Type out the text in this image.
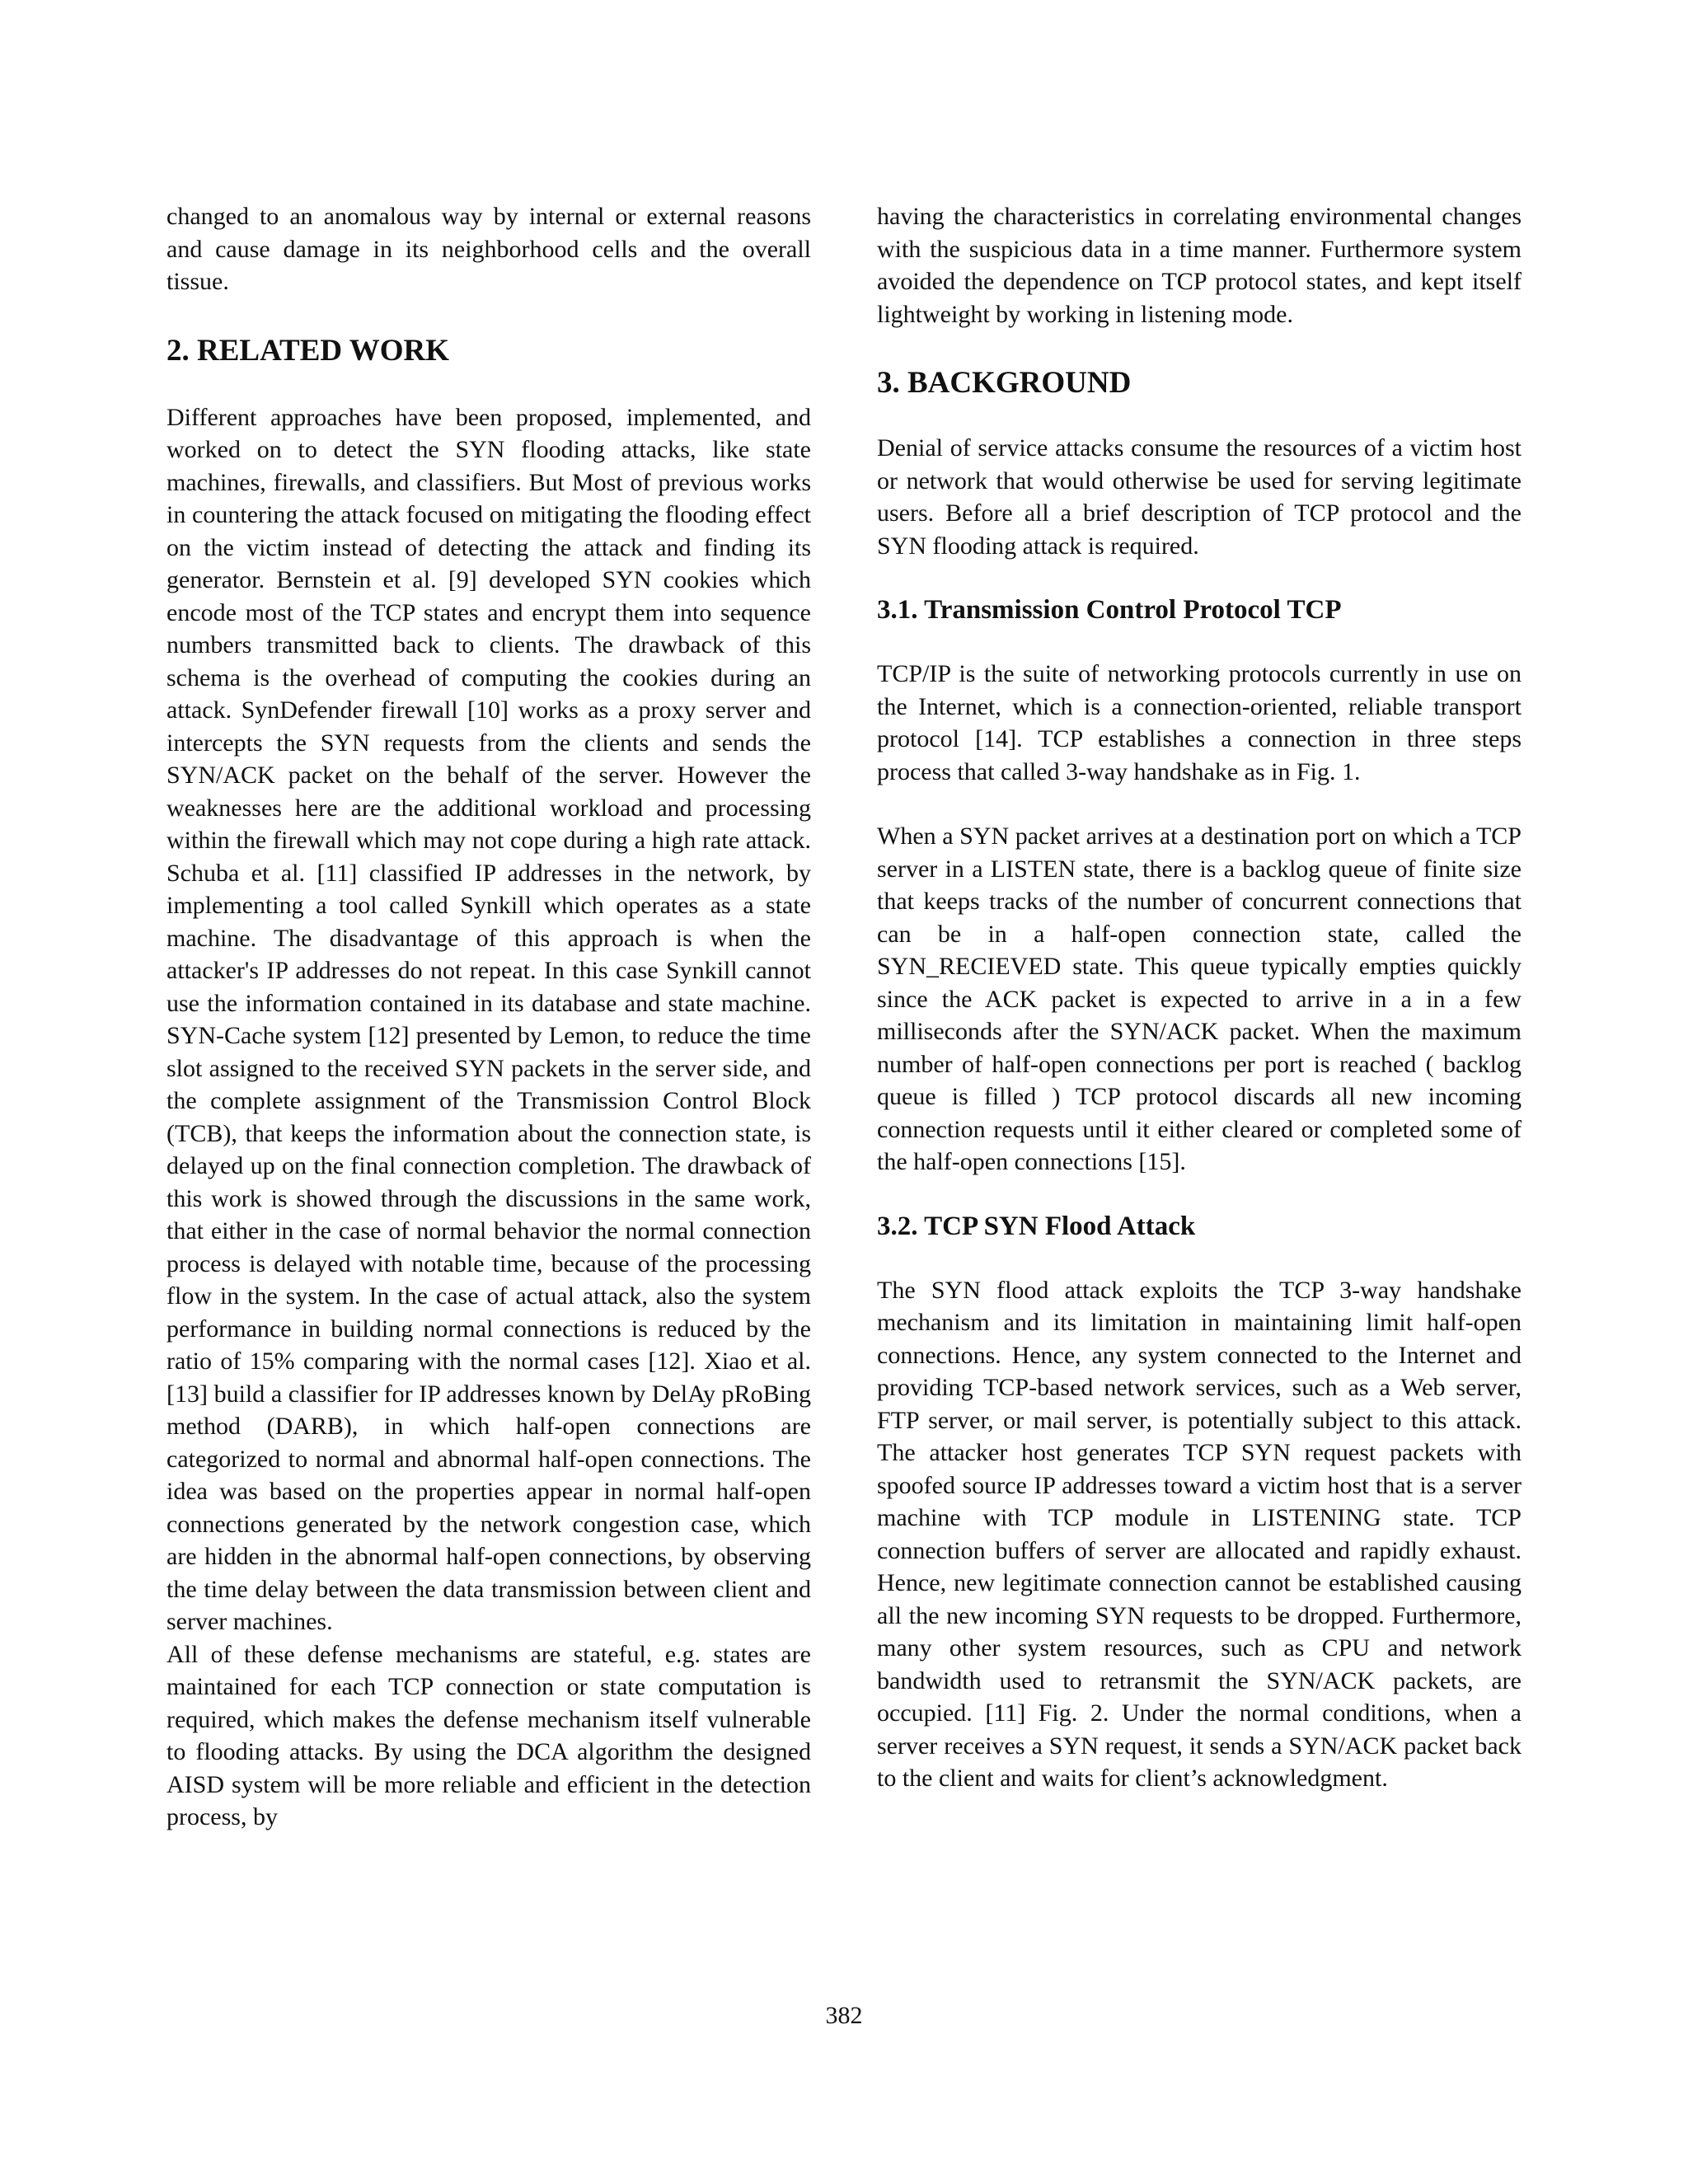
changed to an anomalous way by internal or external reasons and cause damage in its neighborhood cells and the overall tissue.

2. RELATED WORK

Different approaches have been proposed, implemented, and worked on to detect the SYN flooding attacks, like state machines, firewalls, and classifiers. But Most of previous works in countering the attack focused on mitigating the flooding effect on the victim instead of detecting the attack and finding its generator. Bernstein et al. [9] developed SYN cookies which encode most of the TCP states and encrypt them into sequence numbers transmitted back to clients. The drawback of this schema is the overhead of computing the cookies during an attack. SynDefender firewall [10] works as a proxy server and intercepts the SYN requests from the clients and sends the SYN/ACK packet on the behalf of the server. However the weaknesses here are the additional workload and processing within the firewall which may not cope during a high rate attack. Schuba et al. [11] classified IP addresses in the network, by implementing a tool called Synkill which operates as a state machine. The disadvantage of this approach is when the attacker's IP addresses do not repeat. In this case Synkill cannot use the information contained in its database and state machine. SYN-Cache system [12] presented by Lemon, to reduce the time slot assigned to the received SYN packets in the server side, and the complete assignment of the Transmission Control Block (TCB), that keeps the information about the connection state, is delayed up on the final connection completion. The drawback of this work is showed through the discussions in the same work, that either in the case of normal behavior the normal connection process is delayed with notable time, because of the processing flow in the system. In the case of actual attack, also the system performance in building normal connections is reduced by the ratio of 15% comparing with the normal cases [12]. Xiao et al. [13] build a classifier for IP addresses known by DelAy pRoBing method (DARB), in which half-open connections are categorized to normal and abnormal half-open connections. The idea was based on the properties appear in normal half-open connections generated by the network congestion case, which are hidden in the abnormal half-open connections, by observing the time delay between the data transmission between client and server machines.

All of these defense mechanisms are stateful, e.g. states are maintained for each TCP connection or state computation is required, which makes the defense mechanism itself vulnerable to flooding attacks. By using the DCA algorithm the designed AISD system will be more reliable and efficient in the detection process, by

having the characteristics in correlating environmental changes with the suspicious data in a time manner. Furthermore system avoided the dependence on TCP protocol states, and kept itself lightweight by working in listening mode.

3. BACKGROUND

Denial of service attacks consume the resources of a victim host or network that would otherwise be used for serving legitimate users. Before all a brief description of TCP protocol and the SYN flooding attack is required.

3.1. Transmission Control Protocol TCP

TCP/IP is the suite of networking protocols currently in use on the Internet, which is a connection-oriented, reliable transport protocol [14]. TCP establishes a connection in three steps process that called 3-way handshake as in Fig. 1.

When a SYN packet arrives at a destination port on which a TCP server in a LISTEN state, there is a backlog queue of finite size that keeps tracks of the number of concurrent connections that can be in a half-open connection state, called the SYN_RECIEVED state. This queue typically empties quickly since the ACK packet is expected to arrive in a in a few milliseconds after the SYN/ACK packet. When the maximum number of half-open connections per port is reached ( backlog queue is filled ) TCP protocol discards all new incoming connection requests until it either cleared or completed some of the half-open connections [15].

3.2. TCP SYN Flood Attack

The SYN flood attack exploits the TCP 3-way handshake mechanism and its limitation in maintaining limit half-open connections. Hence, any system connected to the Internet and providing TCP-based network services, such as a Web server, FTP server, or mail server, is potentially subject to this attack. The attacker host generates TCP SYN request packets with spoofed source IP addresses toward a victim host that is a server machine with TCP module in LISTENING state. TCP connection buffers of server are allocated and rapidly exhaust. Hence, new legitimate connection cannot be established causing all the new incoming SYN requests to be dropped. Furthermore, many other system resources, such as CPU and network bandwidth used to retransmit the SYN/ACK packets, are occupied. [11] Fig. 2. Under the normal conditions, when a server receives a SYN request, it sends a SYN/ACK packet back to the client and waits for client’s acknowledgment.

382
